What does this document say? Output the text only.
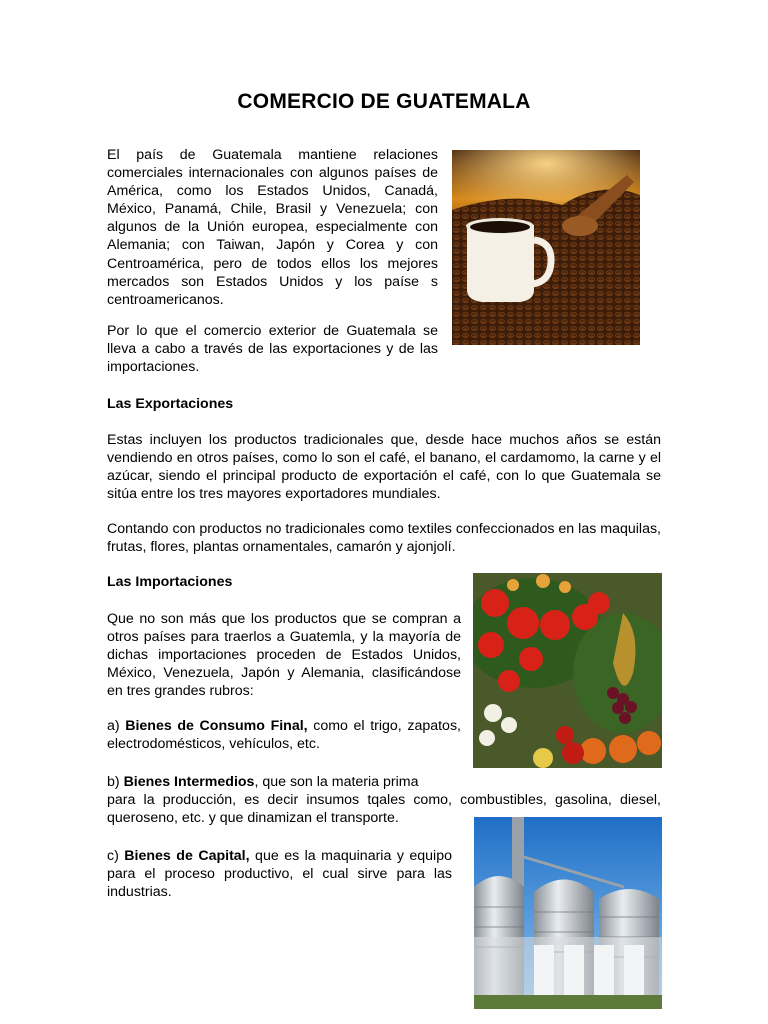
COMERCIO DE GUATEMALA

El país de Guatemala mantiene relaciones comerciales internacionales con algunos países de América, como los Estados Unidos, Canadá, México, Panamá, Chile, Brasil y Venezuela; con algunos de la Unión europea, especialmente con Alemania; con Taiwan, Japón y Corea y con Centroamérica, pero de todos ellos los mejores mercados son Estados Unidos y los paíse s centroamericanos.

Por lo que el comercio exterior de Guatemala se lleva a cabo a través de las exportaciones y de las importaciones.

Las Exportaciones

Estas incluyen los productos tradicionales que, desde hace muchos años se están vendiendo en otros países, como lo son el café, el banano, el cardamomo, la carne y el azúcar, siendo el principal producto de exportación el café, con lo que Guatemala se sitúa entre los tres mayores exportadores mundiales.

Contando con productos no tradicionales como textiles confeccionados en las maquilas, frutas, flores, plantas ornamentales, camarón y ajonjolí.

Las Importaciones

Que no son más que los productos que se compran a otros países para traerlos a Guatemla, y la mayoría de dichas importaciones proceden de Estados Unidos, México, Venezuela, Japón y Alemania, clasificándose en tres grandes rubros:

a) Bienes de Consumo Final, como el trigo, zapatos, electrodomésticos, vehículos, etc.

b) Bienes Intermedios, que son la materia prima

para la producción, es decir insumos tqales como, combustibles, gasolina, diesel, queroseno, etc. y que dinamizan el transporte.

c) Bienes de Capital, que es la maquinaria y equipo para el proceso productivo, el cual sirve para las industrias.
